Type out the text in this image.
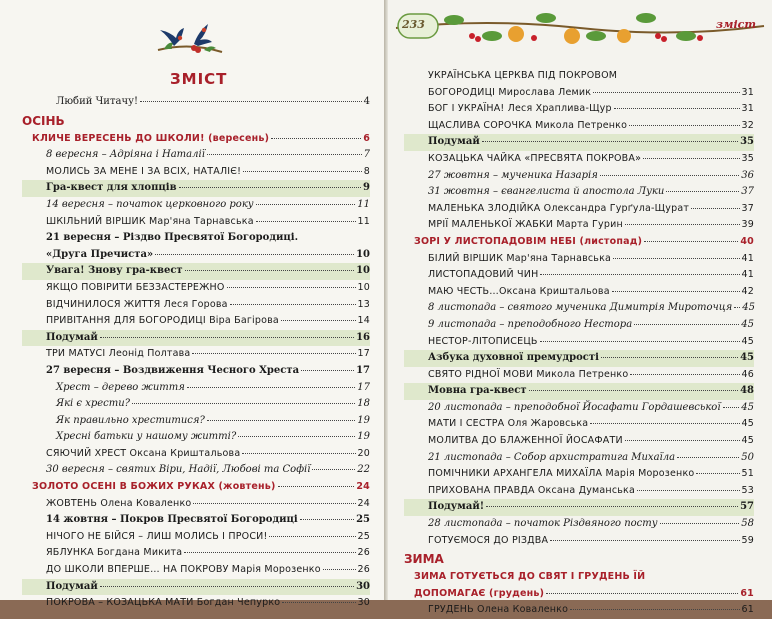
ЗМІСТ
Любий Читачу!	4
ОСІНЬ
КЛИЧЕ ВЕРЕСЕНЬ ДО ШКОЛИ! (вересень)	6
8 вересня – Адріяна і Наталії	7
МОЛИСЬ ЗА МЕНЕ І ЗА ВСІХ, НАТАЛІЄ!	8
Гра-квест для хлопців	9
14 вересня – початок церковного року	11
ШКІЛЬНИЙ ВІРШИК Мар'яна Тарнавська	11
21 вересня – Різдво Пресвятої Богородиці.
«Друга Пречиста»	10
Увага! Знову гра-квест	10
ЯКЩО ПОВІРИТИ БЕЗЗАСТЕРЕЖНО	10
ВІДЧИНИЛОСЯ ЖИТТЯ Леся Горова	13
ПРИВІТАННЯ ДЛЯ БОГОРОДИЦІ Віра Багірова	14
Подумай	16
ТРИ МАТУСІ Леонід Полтава	17
27 вересня – Воздвиження Чесного Хреста	17
Хрест – дерево життя	17
Які є хрести?	18
Як правильно хреститися?	19
Хресні батьки у нашому житті?	19
СЯЮЧИЙ ХРЕСТ Оксана Криштальова	20
30 вересня – святих Віри, Надії, Любові та Софії	22
ЗОЛОТО ОСЕНІ В БОЖИХ РУКАХ (жовтень)	24
ЖОВТЕНЬ Олена Коваленко	24
14 жовтня – Покров Пресвятої Богородиці	25
НІЧОГО НЕ БІЙСЯ – ЛИШ МОЛИСЬ І ПРОСИ!	25
ЯБЛУНКА Богдана Микита	26
ДО ШКОЛИ ВПЕРШЕ… НА ПОКРОВУ Марія Морозенко	26
Подумай	30
ПОКРОВА – КОЗАЦЬКА МАТИ Богдан Чепурко	30
233	зміст
УКРАЇНСЬКА ЦЕРКВА ПІД ПОКРОВОМ
БОГОРОДИЦІ Мирослава Лемик	31
БОГ І УКРАЇНА! Леся Храплива-Щур	31
ЩАСЛИВА СОРОЧКА Микола Петренко	32
Подумай	35
КОЗАЦЬКА ЧАЙКА «ПРЕСВЯТА ПОКРОВА»	35
27 жовтня – мученика Назарія	36
31 жовтня – євангелиста й апостола Луки	37
МАЛЕНЬКА ЗЛОДІЙКА Олександра Гурґула-Щурат	37
МРІЇ МАЛЕНЬКОЇ ЖАБКИ Марта Гурин	39
ЗОРІ У ЛИСТОПАДОВІМ НЕБІ (листопад)	40
БІЛИЙ ВІРШИК Мар'яна Тарнавська	41
ЛИСТОПАДОВИЙ ЧИН	41
МАЮ ЧЕСТЬ…Оксана Криштальова	42
8 листопада – святого мученика Димитрія Мироточця 45
9 листопада – преподобного Нестора	45
НЕСТОР-ЛІТОПИСЕЦЬ	45
Азбука духовної премудрості	45
СВЯТО РІДНОЇ МОВИ Микола Петренко	46
Мовна гра-квест	48
20 листопада – преподобної Йосафати Гордашевської 45
МАТИ І СЕСТРА Оля Жаровська	45
МОЛИТВА ДО БЛАЖЕННОЇ ЙОСАФАТИ	45
21 листопада – Собор архистратига Михаїла	50
ПОМІЧНИКИ АРХАНГЕЛА МИХАЇЛА Марія Морозенко	51
ПРИХОВАНА ПРАВДА Оксана Думанська	53
Подумай!	57
28 листопада – початок Різдвяного посту	58
ГОТУЄМОСЯ ДО РІЗДВА	59
ЗИМА
ЗИМА ГОТУЄТЬСЯ ДО СВЯТ І ГРУДЕНЬ ЇЙ
ДОПОМАГАЄ (грудень)	61
ГРУДЕНЬ Олена Коваленко	61
